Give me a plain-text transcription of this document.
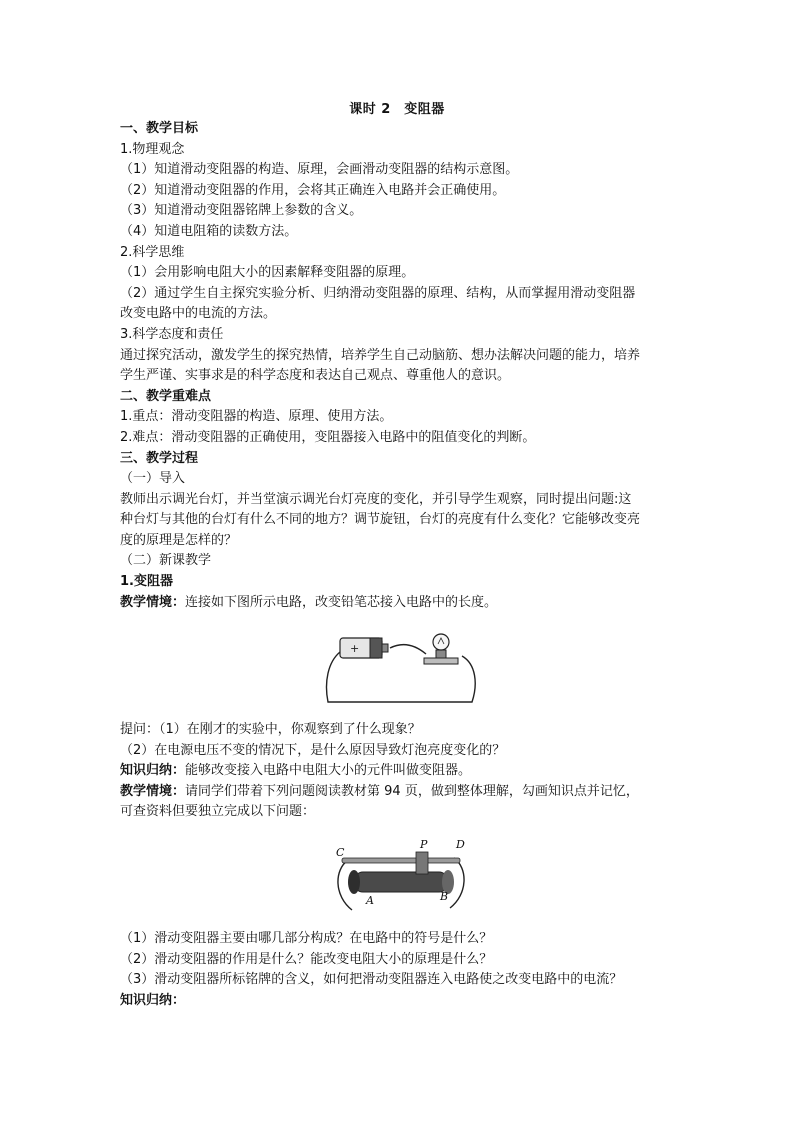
课时 2　变阻器

一、教学目标

1.物理观念

（1）知道滑动变阻器的构造、原理，会画滑动变阻器的结构示意图。

（2）知道滑动变阻器的作用，会将其正确连入电路并会正确使用。

（3）知道滑动变阻器铭牌上参数的含义。

（4）知道电阻箱的读数方法。

2.科学思维

（1）会用影响电阻大小的因素解释变阻器的原理。

（2）通过学生自主探究实验分析、归纳滑动变阻器的原理、结构，从而掌握用滑动变阻器

改变电路中的电流的方法。

3.科学态度和责任

通过探究活动，激发学生的探究热情，培养学生自己动脑筋、想办法解决问题的能力，培养

学生严谨、实事求是的科学态度和表达自己观点、尊重他人的意识。

二、教学重难点

1.重点：滑动变阻器的构造、原理、使用方法。

2.难点：滑动变阻器的正确使用，变阻器接入电路中的阻值变化的判断。

三、教学过程

（一）导入

教师出示调光台灯，并当堂演示调光台灯亮度的变化，并引导学生观察，同时提出问题:这

种台灯与其他的台灯有什么不同的地方？调节旋钮，台灯的亮度有什么变化？它能够改变亮

度的原理是怎样的？

（二）新课教学

1.变阻器

教学情境：连接如下图所示电路，改变铅笔芯接入电路中的长度。

+

提问：（1）在刚才的实验中，你观察到了什么现象？

（2）在电源电压不变的情况下，是什么原因导致灯泡亮度变化的？

知识归纳：能够改变接入电路中电阻大小的元件叫做变阻器。

教学情境：请同学们带着下列问题阅读教材第 94 页，做到整体理解，勾画知识点并记忆，

可查资料但要独立完成以下问题：

C
P	D
A	B

（1）滑动变阻器主要由哪几部分构成？在电路中的符号是什么？

（2）滑动变阻器的作用是什么？能改变电阻大小的原理是什么？

（3）滑动变阻器所标铭牌的含义，如何把滑动变阻器连入电路使之改变电路中的电流？

知识归纳：
